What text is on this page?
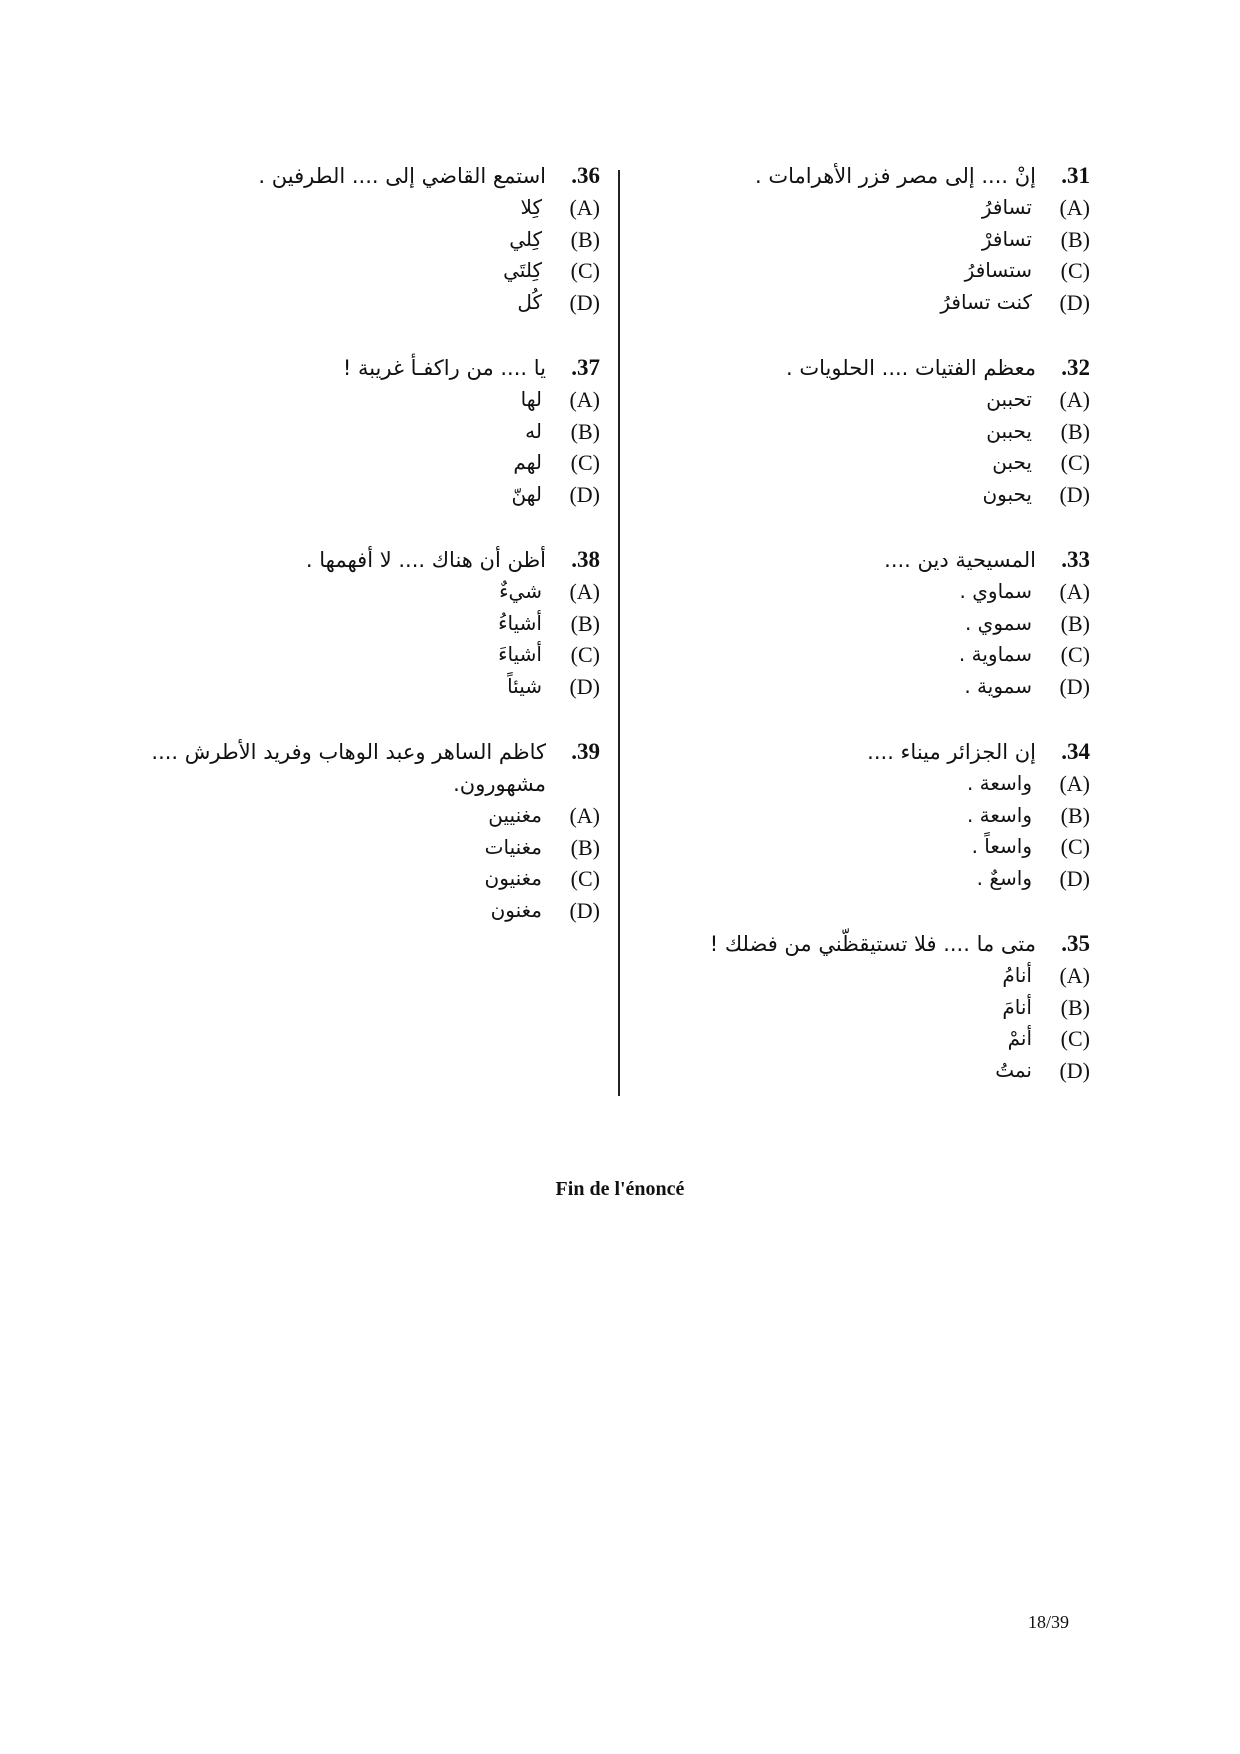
.31
إنْ .... إلى مصر فزر الأهرامات .
(A)
تسافرُ
(B)
تسافرْ
(C)
ستسافرُ
(D)
كنت تسافرُ
.32
معظم الفتيات .... الحلويات .
(A)
تحببن
(B)
يحببن
(C)
يحبن
(D)
يحبون
.33
المسيحية دين ....
(A)
سماوي .
(B)
سموي .
(C)
سماوية .
(D)
سموية .
.34
إن الجزائر ميناء ....
(A)
واسعة .
(B)
واسعة .
(C)
واسعاً .
(D)
واسعٌ .
.35
متى ما .... فلا تستيقظّني من فضلك !
(A)
أنامُ
(B)
أنامَ
(C)
أنمْ
(D)
نمتُ
.36
استمع القاضي إلى .... الطرفين .
(A)
كِلا
(B)
كِلي
(C)
كِلتَي
(D)
كُل
.37
يا .... من راكفـأ غريبة !
(A)
لها
(B)
له
(C)
لهم
(D)
لهنّ
.38
أظن أن هناك .... لا أفهمها .
(A)
شيءٌ
(B)
أشياءُ
(C)
أشياءَ
(D)
شيئاً
.39
كاظم الساهر وعبد الوهاب وفريد الأطرش .... مشهورون.
(A)
مغنيين
(B)
مغنيات
(C)
مغنيون
(D)
مغنون
Fin de l'énoncé
18/39
